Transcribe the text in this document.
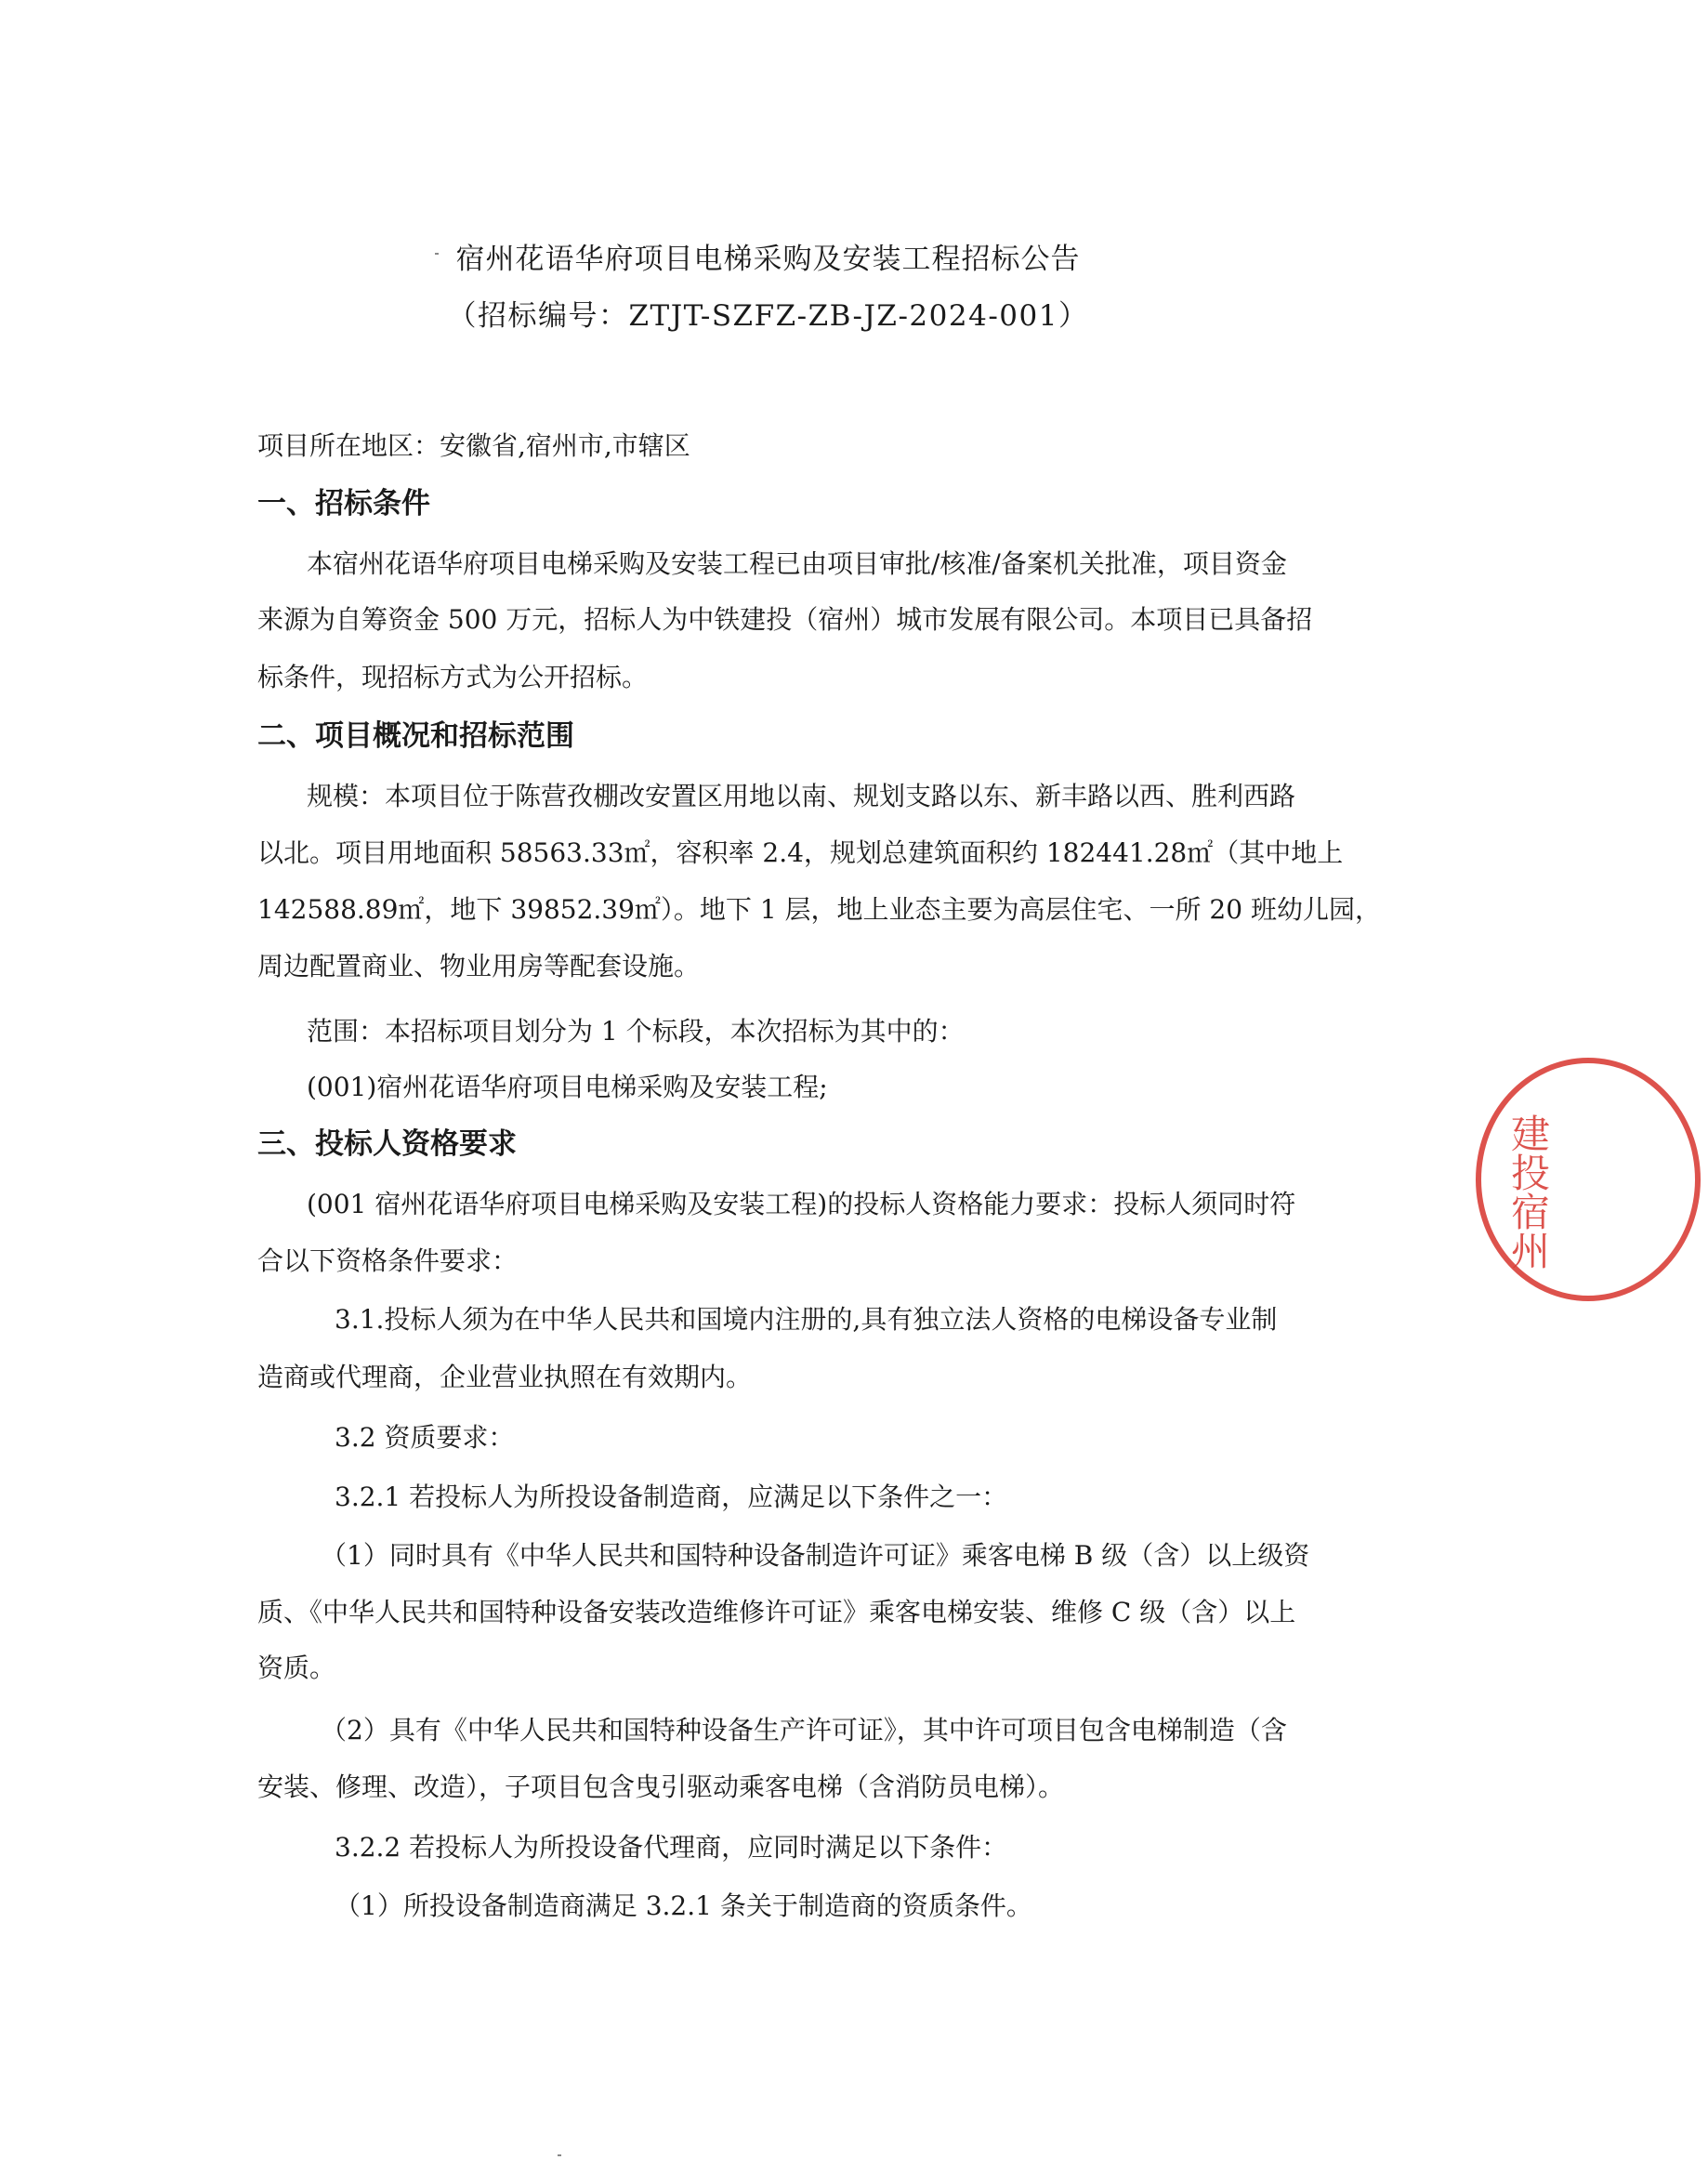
宿州花语华府项目电梯采购及安装工程招标公告
（招标编号：ZTJT-SZFZ-ZB-JZ-2024-001）
项目所在地区：安徽省,宿州市,市辖区
一、招标条件
本宿州花语华府项目电梯采购及安装工程已由项目审批/核准/备案机关批准，项目资金
来源为自筹资金 500 万元，招标人为中铁建投（宿州）城市发展有限公司。本项目已具备招
标条件，现招标方式为公开招标。
二、项目概况和招标范围
规模：本项目位于陈营孜棚改安置区用地以南、规划支路以东、新丰路以西、胜利西路
以北。项目用地面积 58563.33㎡，容积率 2.4，规划总建筑面积约 182441.28㎡（其中地上
142588.89㎡，地下 39852.39㎡）。地下 1 层，地上业态主要为高层住宅、一所 20 班幼儿园，
周边配置商业、物业用房等配套设施。
范围：本招标项目划分为 1 个标段，本次招标为其中的：
(001)宿州花语华府项目电梯采购及安装工程;
三、投标人资格要求
(001 宿州花语华府项目电梯采购及安装工程)的投标人资格能力要求：投标人须同时符
合以下资格条件要求：
3.1.投标人须为在中华人民共和国境内注册的,具有独立法人资格的电梯设备专业制
造商或代理商，企业营业执照在有效期内。
3.2 资质要求：
3.2.1 若投标人为所投设备制造商，应满足以下条件之一：
（1）同时具有《中华人民共和国特种设备制造许可证》乘客电梯 B 级（含）以上级资
质、《中华人民共和国特种设备安装改造维修许可证》乘客电梯安装、维修 C 级（含）以上
资质。
（2）具有《中华人民共和国特种设备生产许可证》，其中许可项目包含电梯制造（含
安装、修理、改造），子项目包含曳引驱动乘客电梯（含消防员电梯）。
3.2.2 若投标人为所投设备代理商，应同时满足以下条件：
（1）所投设备制造商满足 3.2.1 条关于制造商的资质条件。
建投宿州
